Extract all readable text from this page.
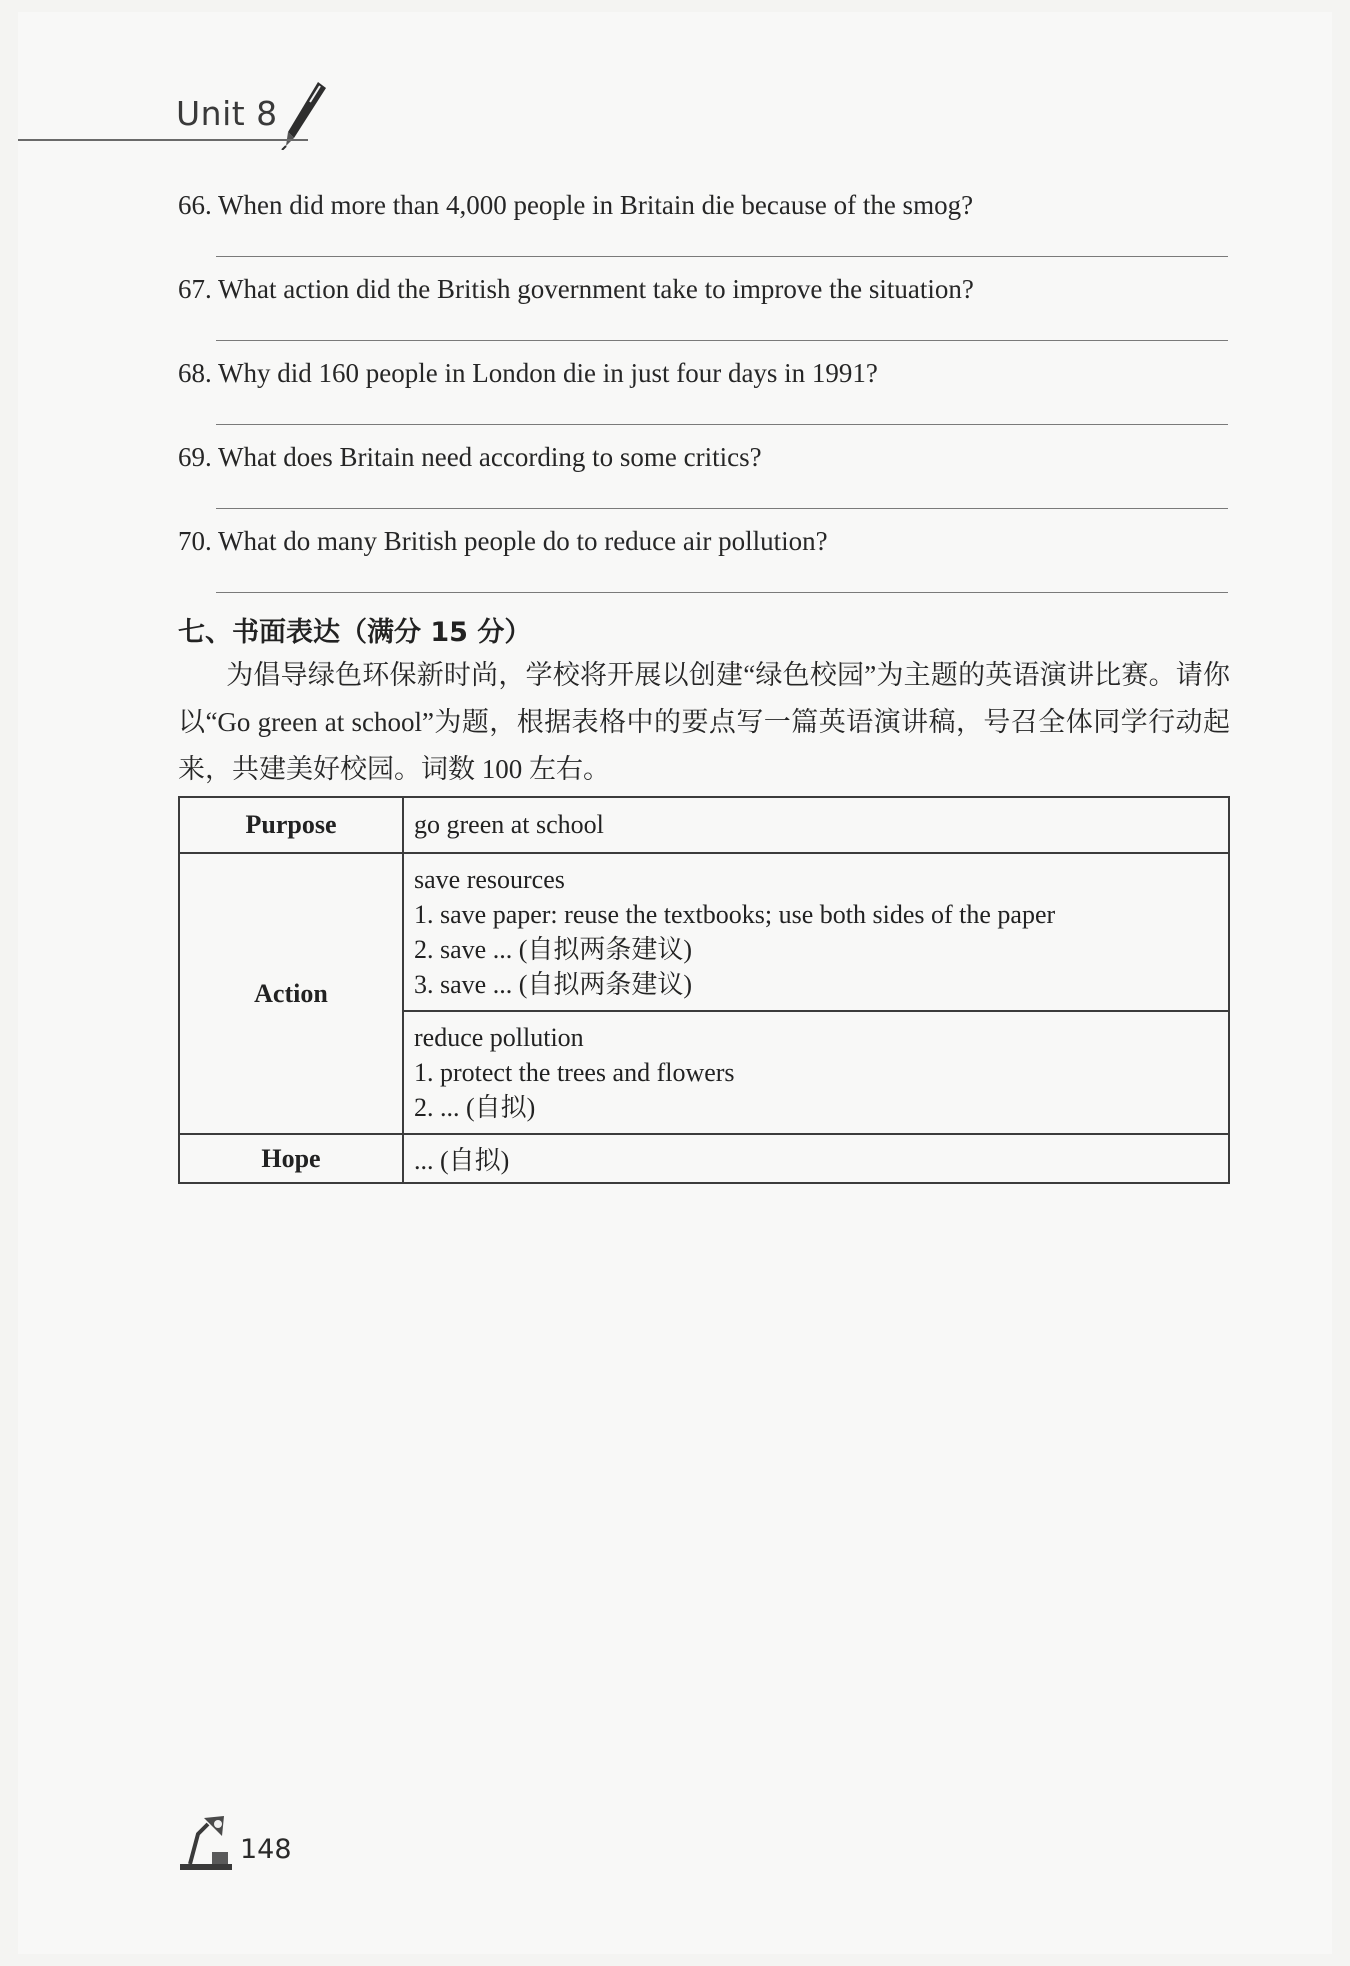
Unit 8
66. When did more than 4,000 people in Britain die because of the smog?
67. What action did the British government take to improve the situation?
68. Why did 160 people in London die in just four days in 1991?
69. What does Britain need according to some critics?
70. What do many British people do to reduce air pollution?
七、书面表达（满分 15 分）
为倡导绿色环保新时尚，学校将开展以创建“绿色校园”为主题的英语演讲比赛。请你以“Go green at school”为题，根据表格中的要点写一篇英语演讲稿，号召全体同学行动起来，共建美好校园。词数 100 左右。
Purpose	go green at school
Action	save resources
1. save paper: reuse the textbooks; use both sides of the paper
2. save ... (自拟两条建议)
3. save ... (自拟两条建议)

	reduce pollution
1. protect the trees and flowers
2. ... (自拟)

Hope	... (自拟)
148
